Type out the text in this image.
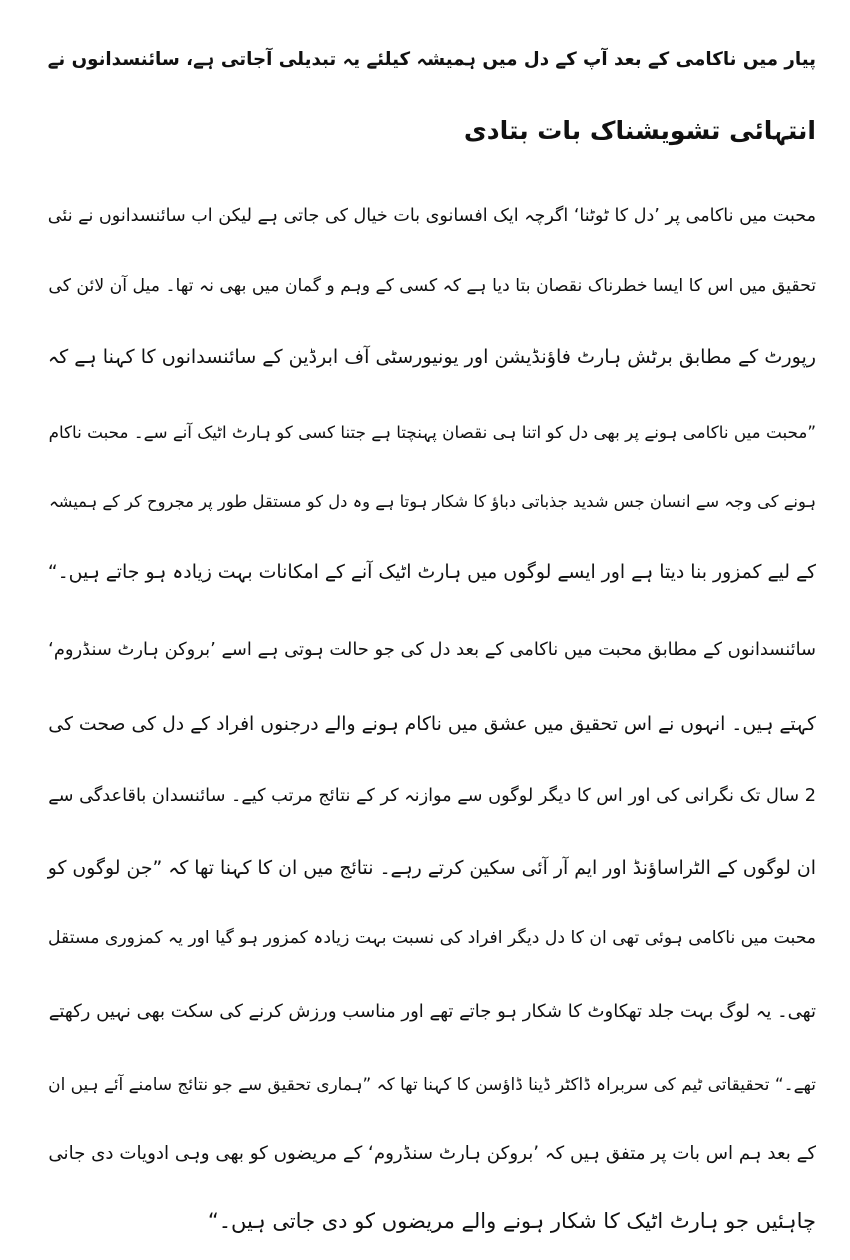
پیار میں ناکامی کے بعد آپ کے دل میں ہمیشہ کیلئے یہ تبدیلی آجاتی ہے، سائنسدانوں نے
انتہائی تشویشناک بات بتادی
محبت میں ناکامی پر ’دل کا ٹوٹنا‘ اگرچہ ایک افسانوی بات خیال کی جاتی ہے لیکن اب سائنسدانوں نے نئی
تحقیق میں اس کا ایسا خطرناک نقصان بتا دیا ہے کہ کسی کے وہم و گمان میں بھی نہ تھا۔ میل آن لائن کی
رپورٹ کے مطابق برٹش ہارٹ فاؤنڈیشن اور یونیورسٹی آف ابرڈین کے سائنسدانوں کا کہنا ہے کہ
”محبت میں ناکامی ہونے پر بھی دل کو اتنا ہی نقصان پہنچتا ہے جتنا کسی کو ہارٹ اٹیک آنے سے۔ محبت ناکام
ہونے کی وجہ سے انسان جس شدید جذباتی دباؤ کا شکار ہوتا ہے وہ دل کو مستقل طور پر مجروح کر کے ہمیشہ
کے لیے کمزور بنا دیتا ہے اور ایسے لوگوں میں ہارٹ اٹیک آنے کے امکانات بہت زیادہ ہو جاتے ہیں۔“
سائنسدانوں کے مطابق محبت میں ناکامی کے بعد دل کی جو حالت ہوتی ہے اسے ’بروکن ہارٹ سنڈروم‘
کہتے ہیں۔ انہوں نے اس تحقیق میں عشق میں ناکام ہونے والے درجنوں افراد کے دل کی صحت کی
2 سال تک نگرانی کی اور اس کا دیگر لوگوں سے موازنہ کر کے نتائج مرتب کیے۔ سائنسدان باقاعدگی سے
ان لوگوں کے الٹراساؤنڈ اور ایم آر آئی سکین کرتے رہے۔ نتائج میں ان کا کہنا تھا کہ ”جن لوگوں کو
محبت میں ناکامی ہوئی تھی ان کا دل دیگر افراد کی نسبت بہت زیادہ کمزور ہو گیا اور یہ کمزوری مستقل
تھی۔ یہ لوگ بہت جلد تھکاوٹ کا شکار ہو جاتے تھے اور مناسب ورزش کرنے کی سکت بھی نہیں رکھتے
تھے۔“ تحقیقاتی ٹیم کی سربراہ ڈاکٹر ڈینا ڈاؤسن کا کہنا تھا کہ ”ہماری تحقیق سے جو نتائج سامنے آئے ہیں ان
کے بعد ہم اس بات پر متفق ہیں کہ ’بروکن ہارٹ سنڈروم‘ کے مریضوں کو بھی وہی ادویات دی جانی
چاہئیں جو ہارٹ اٹیک کا شکار ہونے والے مریضوں کو دی جاتی ہیں۔“
